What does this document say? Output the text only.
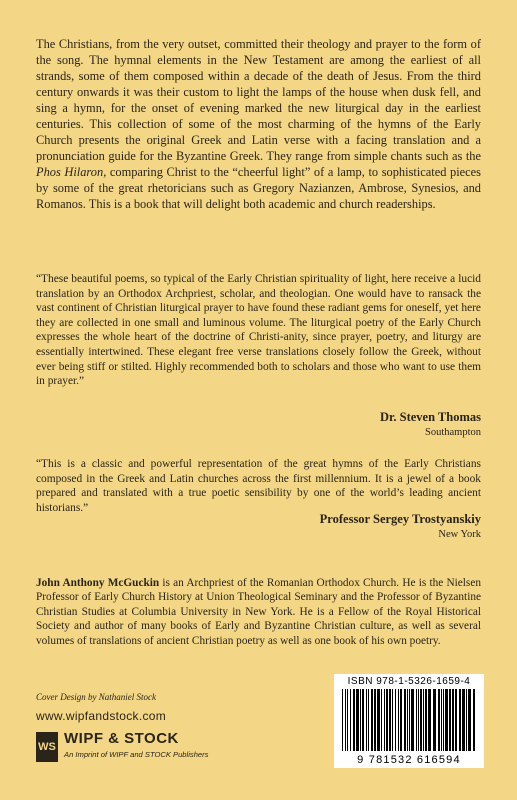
The Christians, from the very outset, committed their theology and prayer to the form of the song. The hymnal elements in the New Testament are among the earliest of all strands, some of them composed within a decade of the death of Jesus. From the third century onwards it was their custom to light the lamps of the house when dusk fell, and sing a hymn, for the onset of evening marked the new liturgical day in the earliest centuries. This collection of some of the most charming of the hymns of the Early Church presents the original Greek and Latin verse with a facing translation and a pronunciation guide for the Byzantine Greek. They range from simple chants such as the Phos Hilaron, comparing Christ to the “cheerful light” of a lamp, to sophisticated pieces by some of the great rhetoricians such as Gregory Nazianzen, Ambrose, Synesios, and Romanos. This is a book that will delight both academic and church readerships.

“These beautiful poems, so typical of the Early Christian spirituality of light, here receive a lucid translation by an Orthodox Archpriest, scholar, and theologian. One would have to ransack the vast continent of Christian liturgical prayer to have found these radiant gems for oneself, yet here they are collected in one small and luminous volume. The liturgical poetry of the Early Church expresses the whole heart of the doctrine of Christi-anity, since prayer, poetry, and liturgy are essentially intertwined. These elegant free verse translations closely follow the Greek, without ever being stiff or stilted. Highly recommended both to scholars and those who want to use them in prayer.”

Dr. Steven Thomas
Southampton

“This is a classic and powerful representation of the great hymns of the Early Christians composed in the Greek and Latin churches across the first millennium. It is a jewel of a book prepared and translated with a true poetic sensibility by one of the world’s leading ancient historians.”

Professor Sergey Trostyanskiy
New York

John Anthony McGuckin is an Archpriest of the Romanian Orthodox Church. He is the Nielsen Professor of Early Church History at Union Theological Seminary and the Professor of Byzantine Christian Studies at Columbia University in New York. He is a Fellow of the Royal Historical Society and author of many books of Early and Byzantine Christian culture, as well as several volumes of translations of ancient Christian poetry as well as one book of his own poetry.

Cover Design by Nathaniel Stock
www.wipfandstock.com
WS WIPF & STOCK
An Imprint of WIPF and STOCK Publishers
ISBN 978-1-5326-1659-4
9 781532 616594
